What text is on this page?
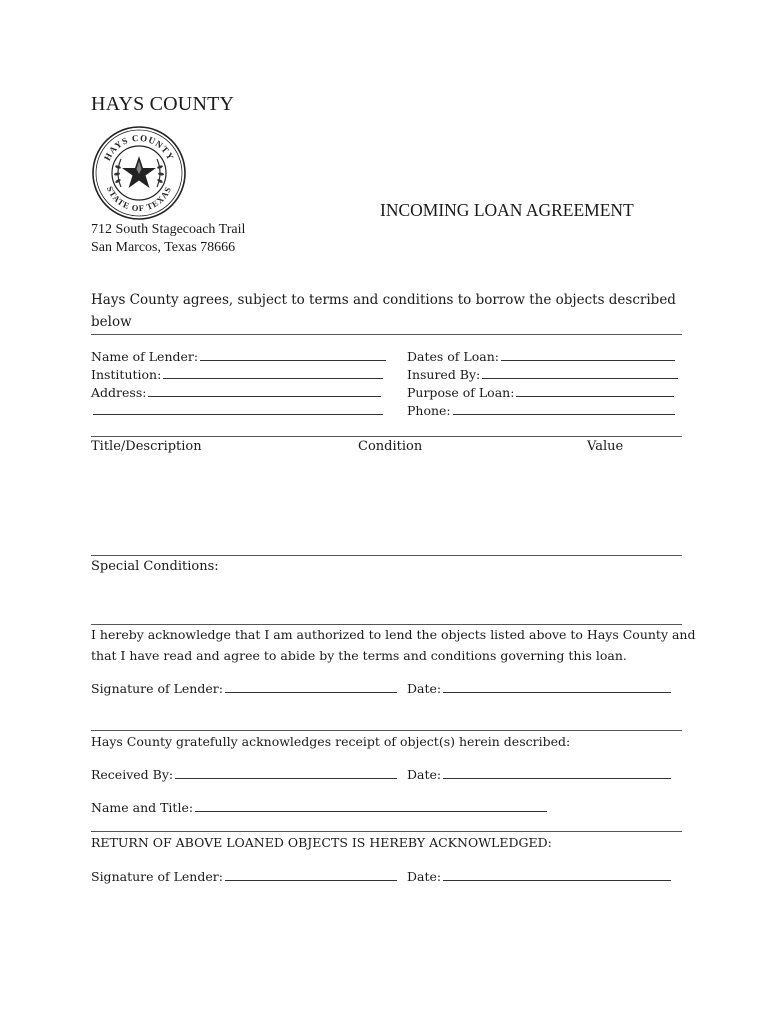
HAYS COUNTY
HAYS COUNTY
STATE OF TEXAS
INCOMING LOAN AGREEMENT
712 South Stagecoach Trail
San Marcos, Texas 78666
Hays County agrees, subject to terms and conditions to borrow the objects described below
Name of Lender:
Institution:
Address:
Dates of Loan:
Insured By:
Purpose of Loan:
Phone:
Title/Description	Condition	Value
Special Conditions:
I hereby acknowledge that I am authorized to lend the objects listed above to Hays County and
that I have read and agree to abide by the terms and conditions governing this loan.
Signature of Lender:	Date:
Hays County gratefully acknowledges receipt of object(s) herein described:
Received By:	Date:
Name and Title:
RETURN OF ABOVE LOANED OBJECTS IS HEREBY ACKNOWLEDGED:
Signature of Lender:	Date:
